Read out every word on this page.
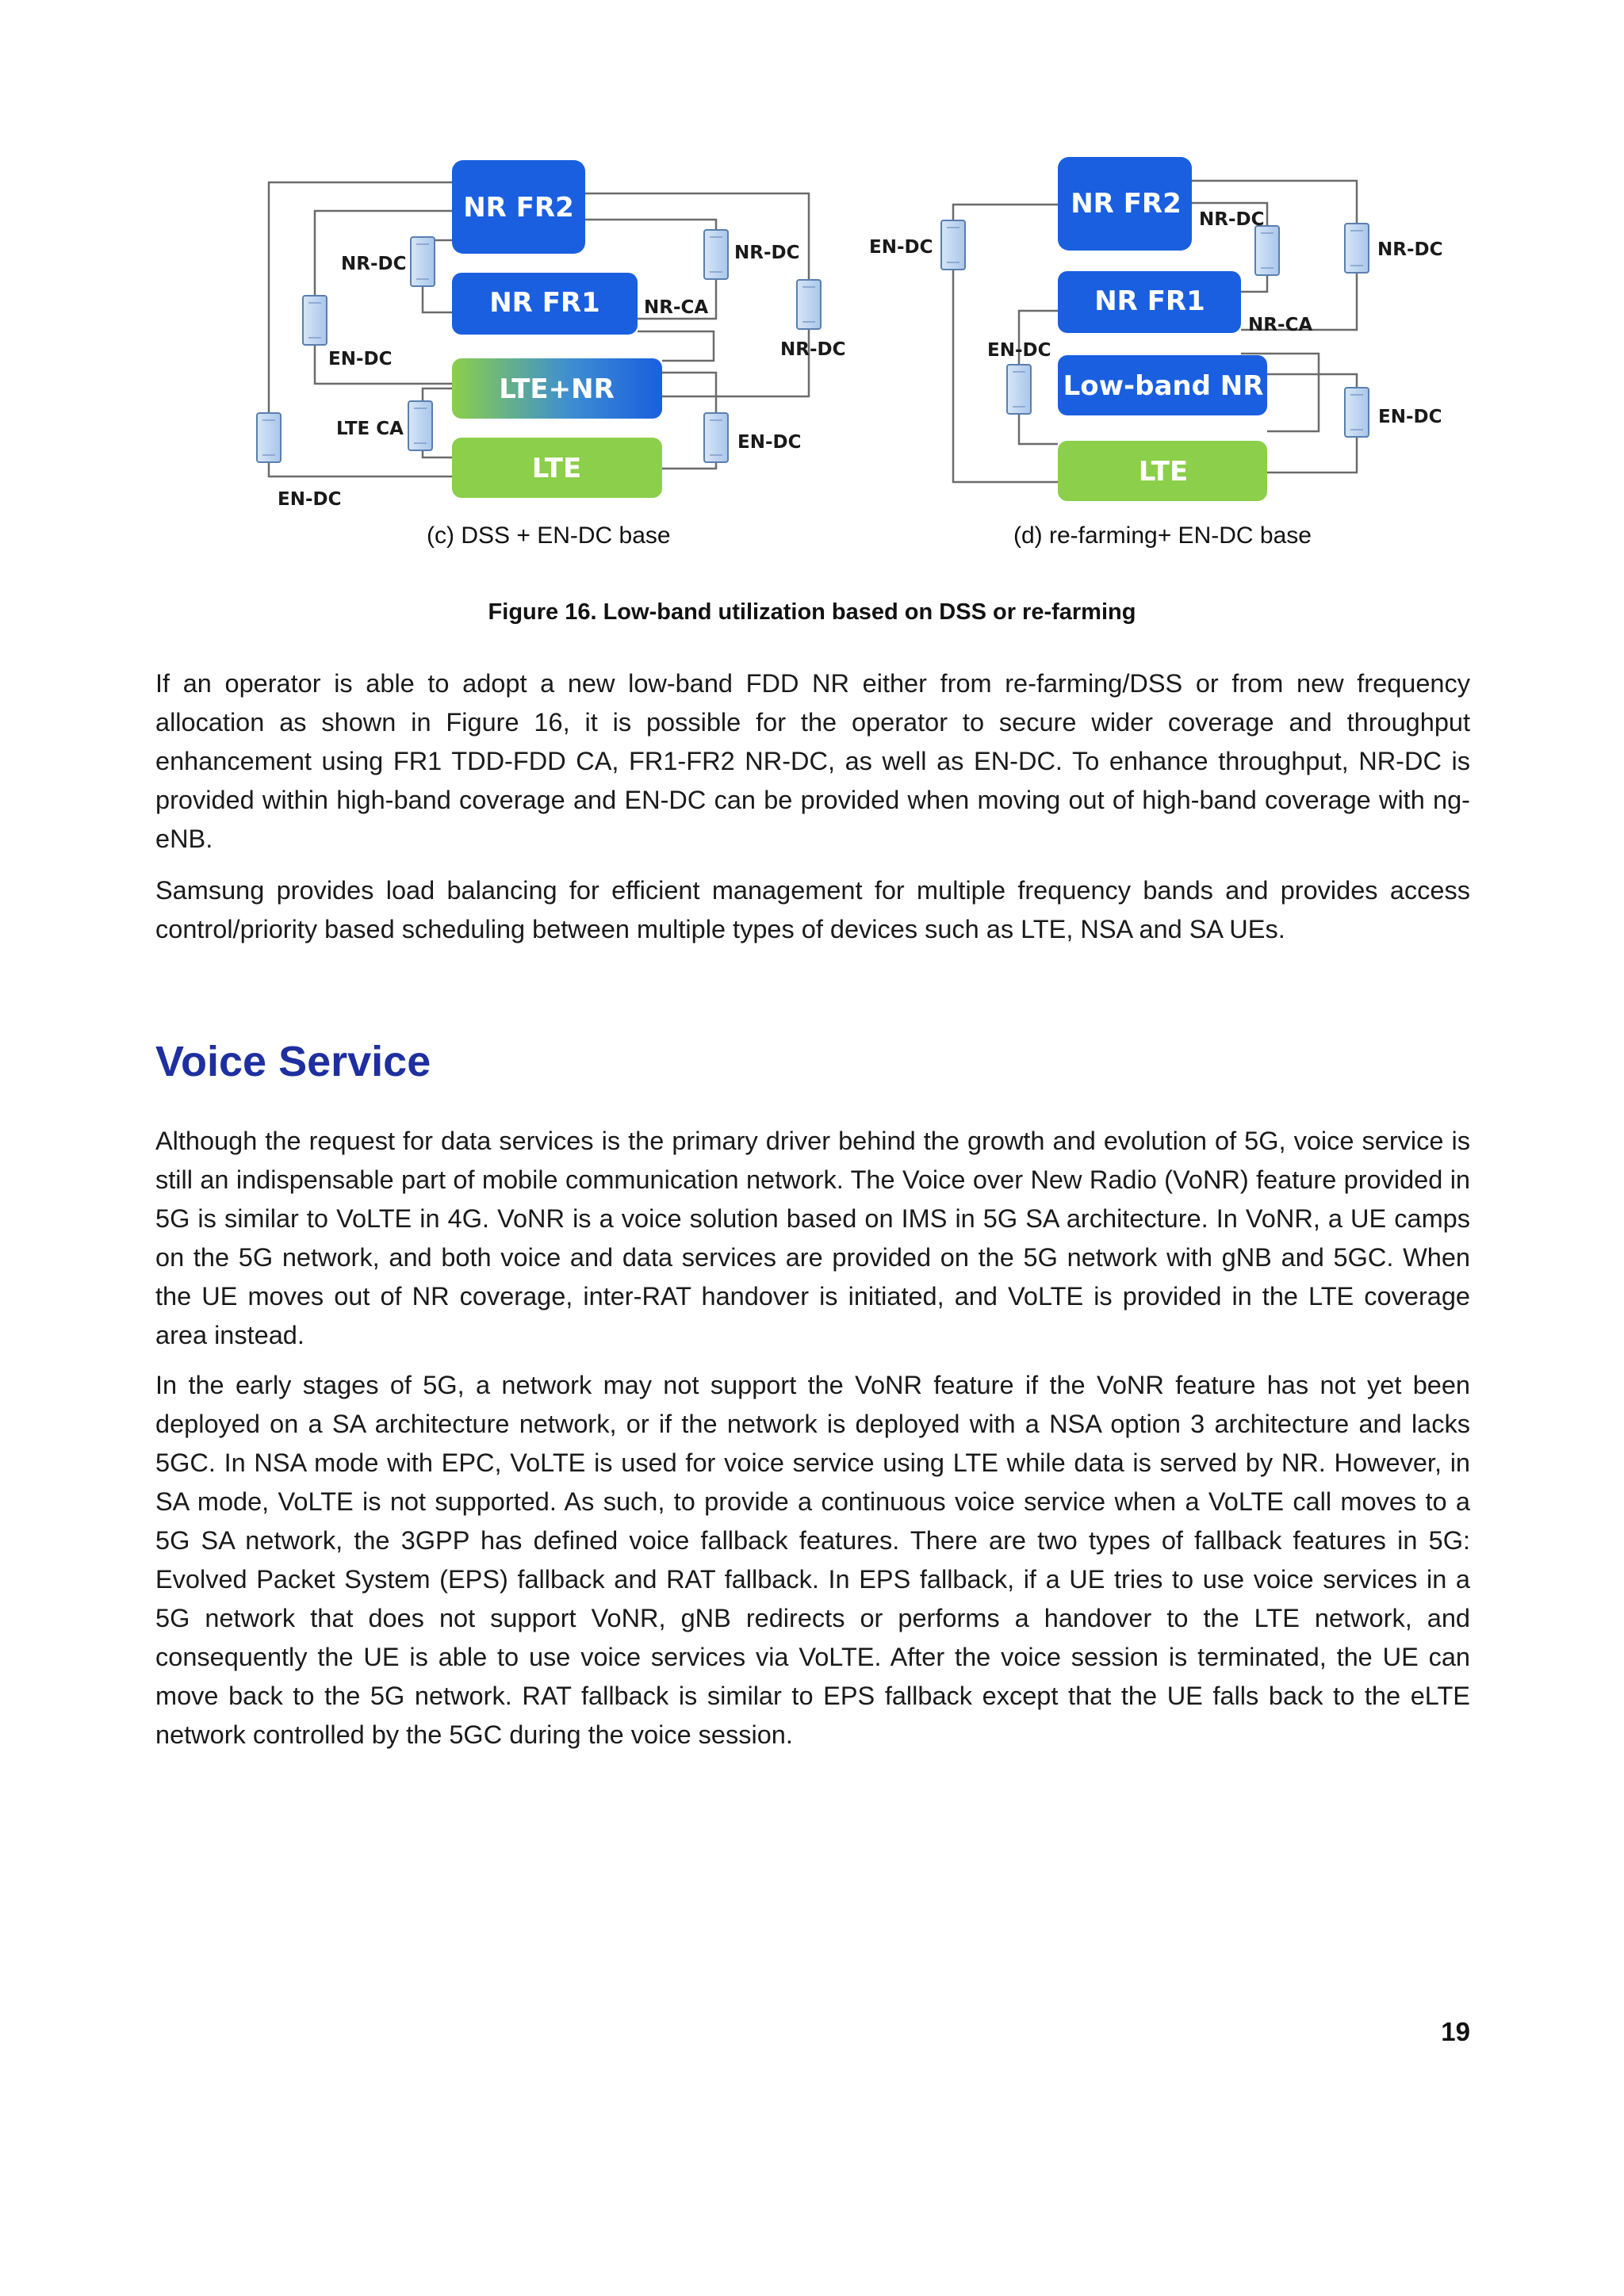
NR FR2
NR FR1
LTE+NR
LTE
NR-DC
EN-DC
LTE CA
EN-DC
NR-DC
NR-CA
NR-DC
EN-DC
NR FR2
NR FR1
Low-band NR
LTE
EN-DC
NR-DC
NR-DC
EN-DC
NR-CA
EN-DC
(c) DSS + EN-DC base	(d) re-farming+ EN-DC base
Figure 16. Low-band utilization based on DSS or re-farming

If an operator is able to adopt a new low-band FDD NR either from re-farming/DSS or from new frequency allocation as shown in Figure 16, it is possible for the operator to secure wider coverage and throughput enhancement using FR1 TDD-FDD CA, FR1-FR2 NR-DC, as well as EN-DC. To enhance throughput, NR-DC is provided within high-band coverage and EN-DC can be provided when moving out of high-band coverage with ng-eNB.

Samsung provides load balancing for efficient management for multiple frequency bands and provides access control/priority based scheduling between multiple types of devices such as LTE, NSA and SA UEs.

Voice Service

Although the request for data services is the primary driver behind the growth and evolution of 5G, voice service is still an indispensable part of mobile communication network. The Voice over New Radio (VoNR) feature provided in 5G is similar to VoLTE in 4G. VoNR is a voice solution based on IMS in 5G SA architecture. In VoNR, a UE camps on the 5G network, and both voice and data services are provided on the 5G network with gNB and 5GC. When the UE moves out of NR coverage, inter-RAT handover is initiated, and VoLTE is provided in the LTE coverage area instead.

In the early stages of 5G, a network may not support the VoNR feature if the VoNR feature has not yet been deployed on a SA architecture network, or if the network is deployed with a NSA option 3 architecture and lacks 5GC. In NSA mode with EPC, VoLTE is used for voice service using LTE while data is served by NR. However, in SA mode, VoLTE is not supported. As such, to provide a continuous voice service when a VoLTE call moves to a 5G SA network, the 3GPP has defined voice fallback features. There are two types of fallback features in 5G: Evolved Packet System (EPS) fallback and RAT fallback. In EPS fallback, if a UE tries to use voice services in a 5G network that does not support VoNR, gNB redirects or performs a handover to the LTE network, and consequently the UE is able to use voice services via VoLTE. After the voice session is terminated, the UE can move back to the 5G network. RAT fallback is similar to EPS fallback except that the UE falls back to the eLTE network controlled by the 5GC during the voice session.

19
